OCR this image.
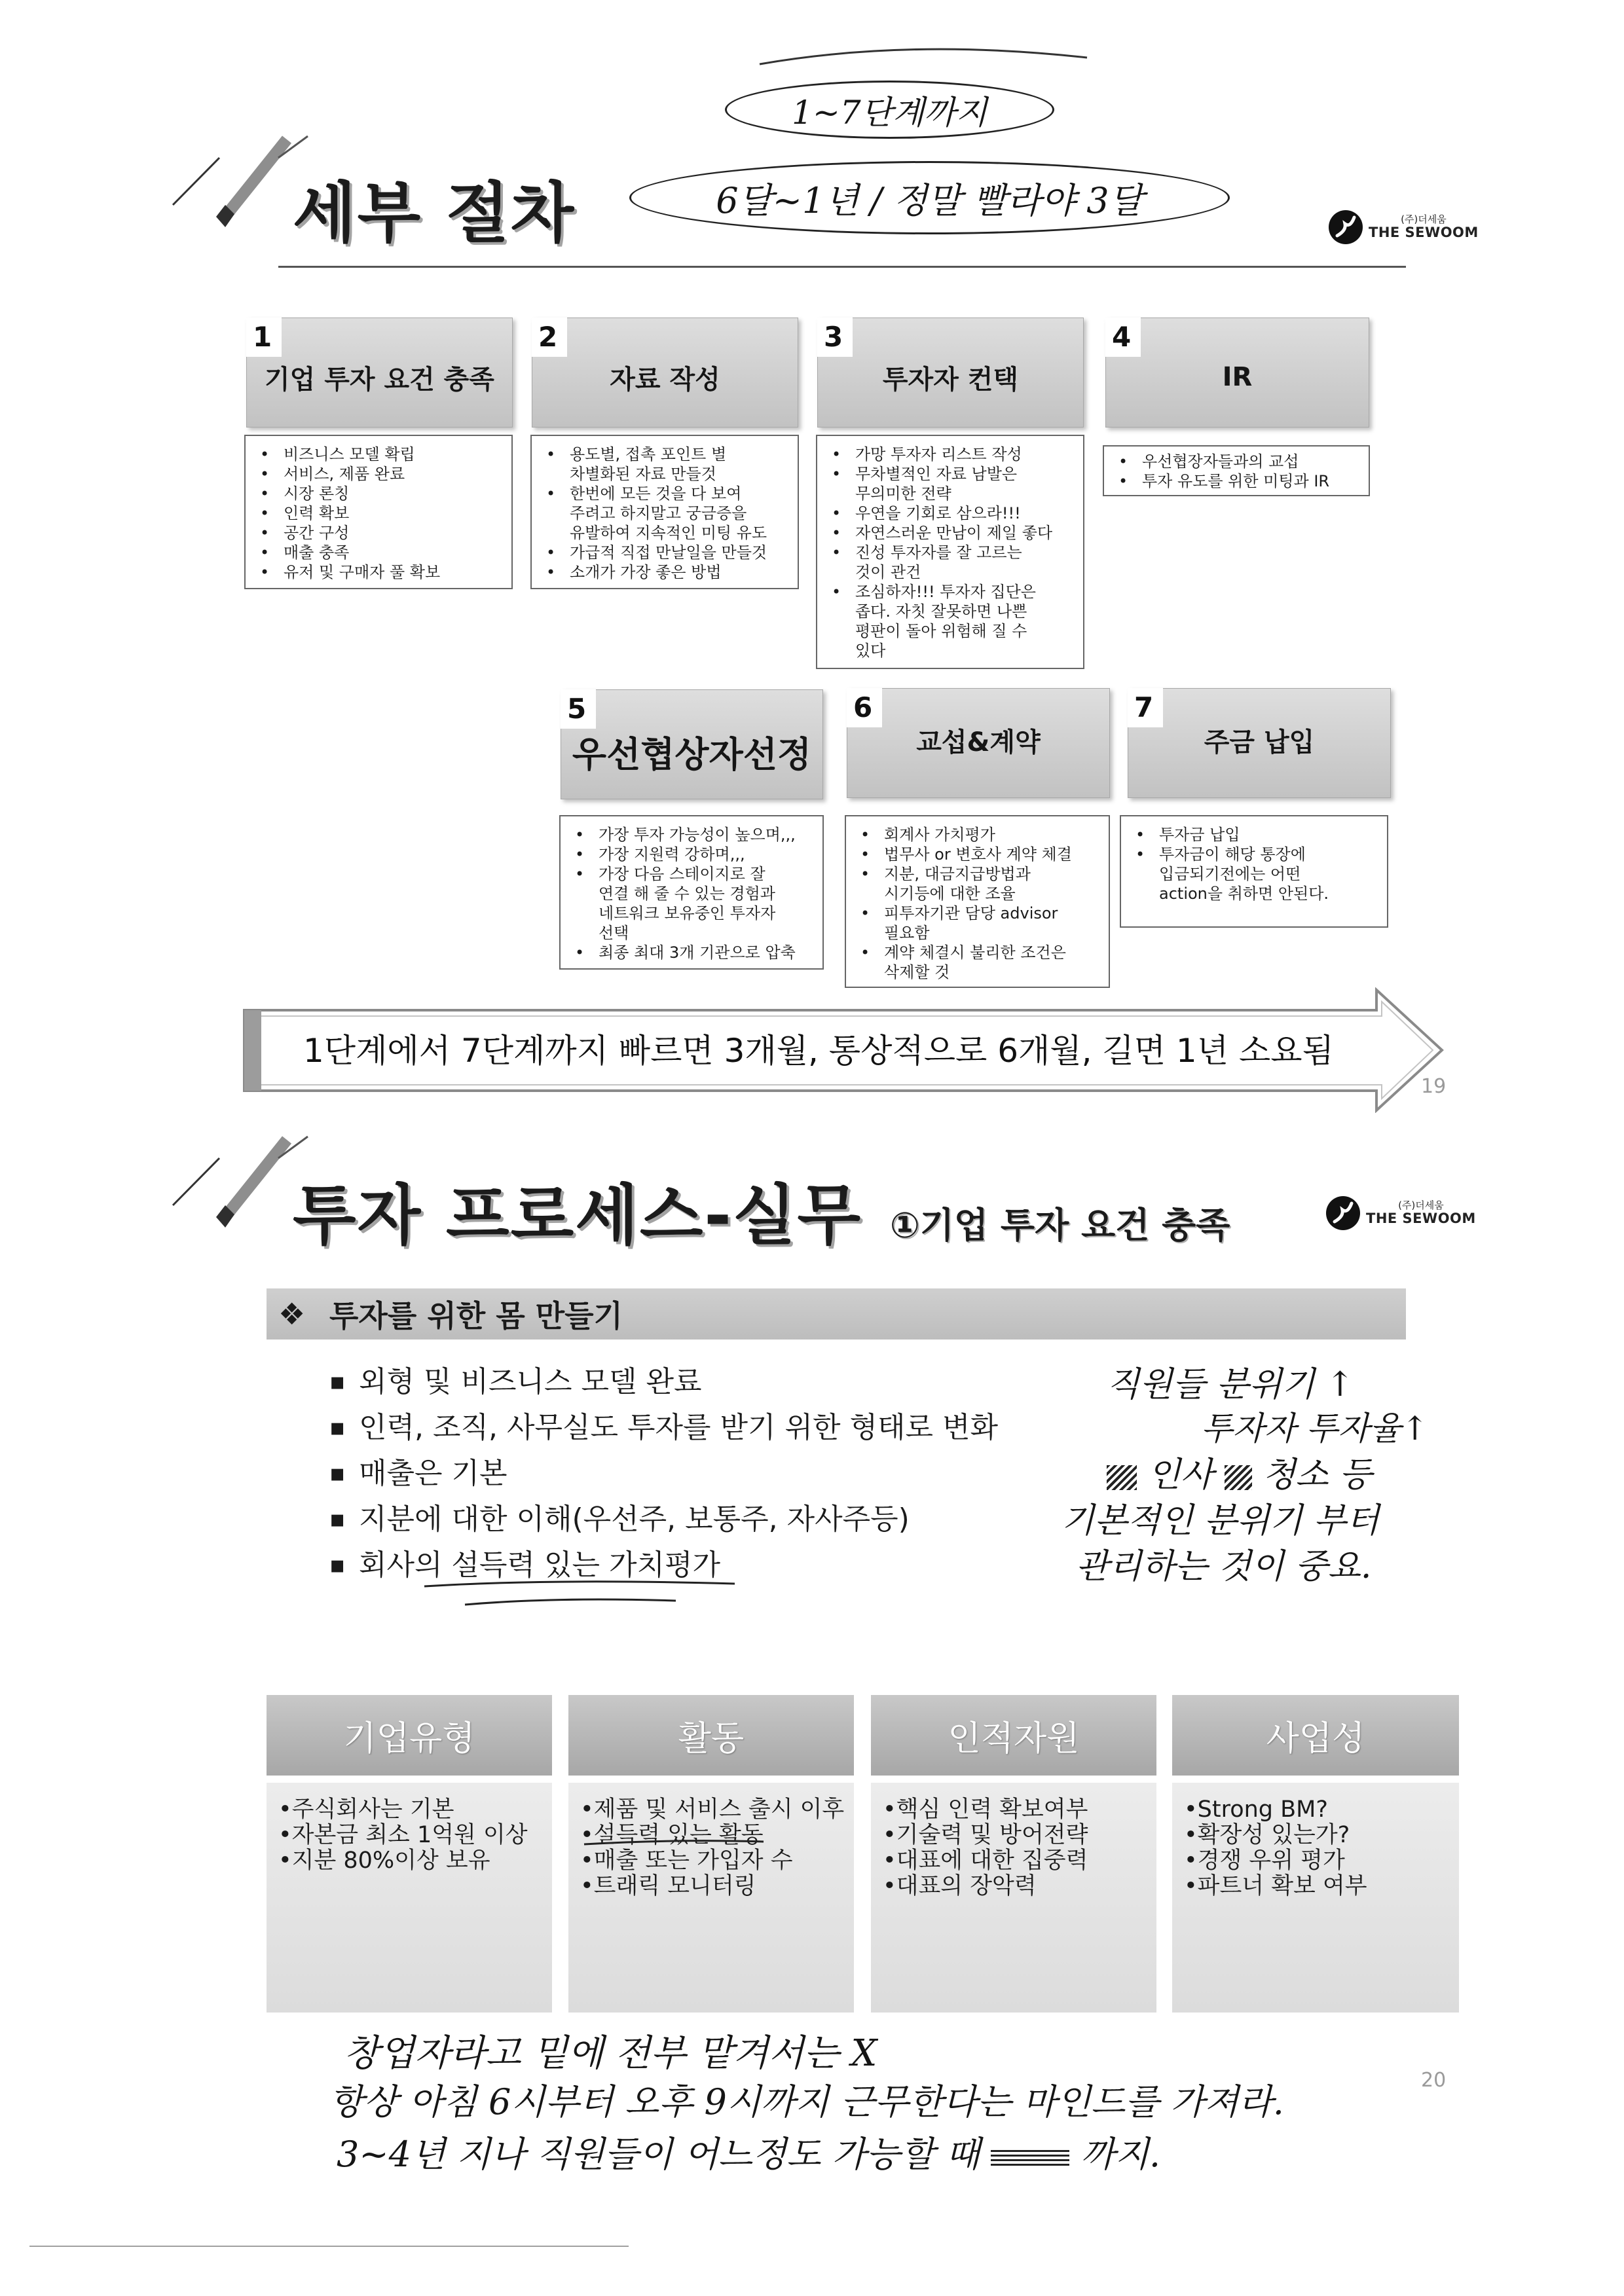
세부 절차
1~7단계까지
6달~1년 / 정말 빨라야 3달	(주)더세움
THE SEWOOM
1
기업 투자 요건 충족
• 비즈니스 모델 확립
• 서비스, 제품 완료
• 시장 론칭
• 인력 확보
• 공간 구성
• 매출 충족
• 유저 및 구매자 풀 확보
2
자료 작성
• 용도별, 접촉 포인트 별
차별화된 자료 만들것
• 한번에 모든 것을 다 보여
주려고 하지말고 궁금증을
유발하여 지속적인 미팅 유도
• 가급적 직접 만날일을 만들것
• 소개가 가장 좋은 방법
3
투자자 컨택
• 가망 투자자 리스트 작성
• 무차별적인 자료 남발은
무의미한 전략
• 우연을 기회로 삼으라!!!
• 자연스러운 만남이 제일 좋다
• 진성 투자자를 잘 고르는
것이 관건
• 조심하자!!! 투자자 집단은
좁다. 자칫 잘못하면 나쁜
평판이 돌아 위험해 질 수
있다
4
IR
• 우선협장자들과의 교섭
• 투자 유도를 위한 미팅과 IR
5
우선협상자선정
• 가장 투자 가능성이 높으며,,,
• 가장 지원력 강하며,,,
• 가장 다음 스테이지로 잘
연결 해 줄 수 있는 경험과
네트워크 보유중인 투자자
선택
• 최종 최대 3개 기관으로 압축
6
교섭&계약
• 회계사 가치평가
• 법무사 or 변호사 계약 체결
• 지분, 대금지급방법과
시기등에 대한 조율
• 피투자기관 담당 advisor
필요함
• 계약 체결시 불리한 조건은
삭제할 것
7
주금 납입
• 투자금 납입
• 투자금이 해당 통장에
입금되기전에는 어떤
action을 취하면 안된다.
1단계에서 7단계까지 빠르면 3개월, 통상적으로 6개월, 길면 1년 소요됨
19
투자 프로세스-실무 ①기업 투자 요건 충족	(주)더세움
THE SEWOOM
❖ 투자를 위한 몸 만들기
▪ 외형 및 비즈니스 모델 완료
▪ 인력, 조직, 사무실도 투자를 받기 위한 형태로 변화
▪ 매출은 기본
▪ 지분에 대한 이해(우선주, 보통주, 자사주등)
▪ 회사의 설득력 있는 가치평가
직원들 분위기 ↑
투자자 투자율↑
인사 청소 등
기본적인 분위기 부터
관리하는 것이 중요.
기업유형
•주식회사는 기본
•자본금 최소 1억원 이상
•지분 80%이상 보유
활동
•제품 및 서비스 출시 이후
•설득력 있는 활동
•매출 또는 가입자 수
•트래릭 모니터링
인적자원
•핵심 인력 확보여부
•기술력 및 방어전략
•대표에 대한 집중력
•대표의 장악력
사업성
•Strong BM?
•확장성 있는가?
•경쟁 우위 평가
•파트너 확보 여부
창업자라고 밑에 전부 맡겨서는 X
항상 아침 6시부터 오후 9시까지 근무한다는 마인드를 가져라.
3~4년 지나 직원들이 어느정도 가능할 때	까지.
20
